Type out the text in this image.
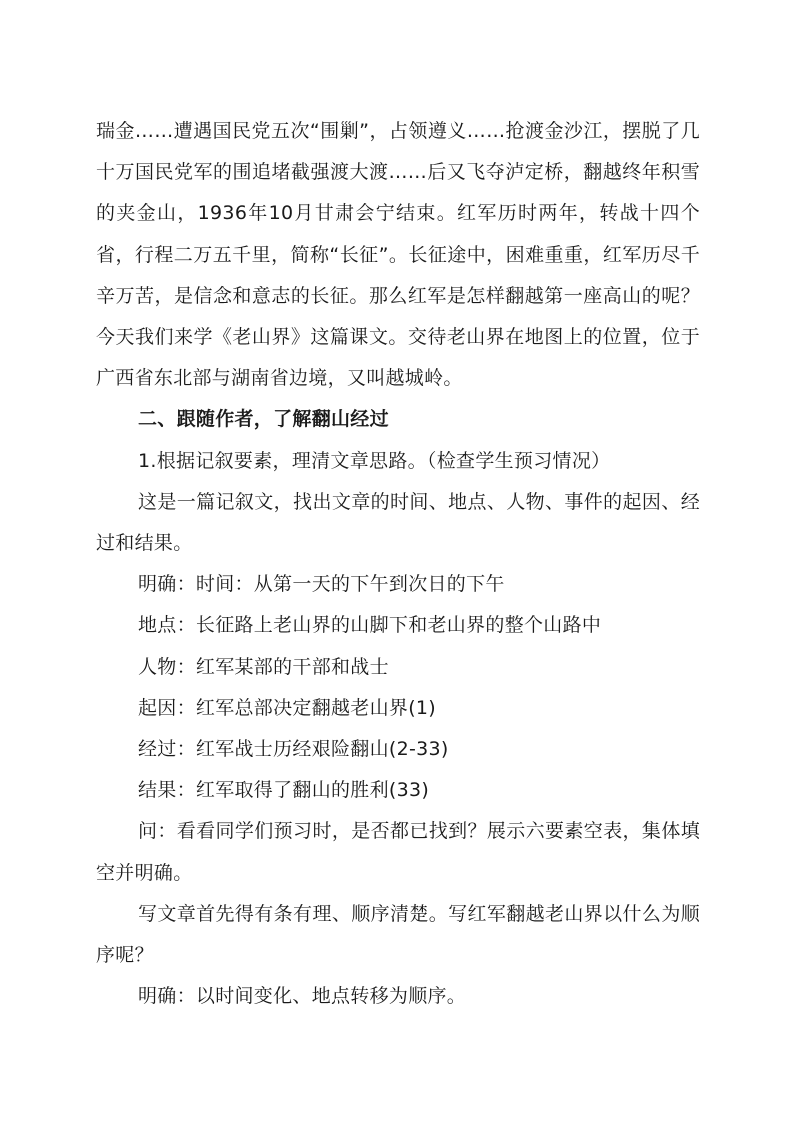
瑞金……遭遇国民党五次“围剿”，占领遵义……抢渡金沙江，摆脱了几十万国民党军的围追堵截强渡大渡……后又飞夺泸定桥，翻越终年积雪的夹金山，1936年10月甘肃会宁结束。红军历时两年，转战十四个省，行程二万五千里，简称“长征”。长征途中，困难重重，红军历尽千辛万苦，是信念和意志的长征。那么红军是怎样翻越第一座高山的呢？今天我们来学《老山界》这篇课文。交待老山界在地图上的位置，位于广西省东北部与湖南省边境，又叫越城岭。

二、跟随作者，了解翻山经过

1.根据记叙要素，理清文章思路。（检查学生预习情况）

这是一篇记叙文，找出文章的时间、地点、人物、事件的起因、经过和结果。

明确：时间：从第一天的下午到次日的下午

地点：长征路上老山界的山脚下和老山界的整个山路中

人物：红军某部的干部和战士

起因：红军总部决定翻越老山界(1)

经过：红军战士历经艰险翻山(2-33)

结果：红军取得了翻山的胜利(33)

问：看看同学们预习时，是否都已找到？展示六要素空表，集体填空并明确。

写文章首先得有条有理、顺序清楚。写红军翻越老山界以什么为顺序呢？

明确：以时间变化、地点转移为顺序。
